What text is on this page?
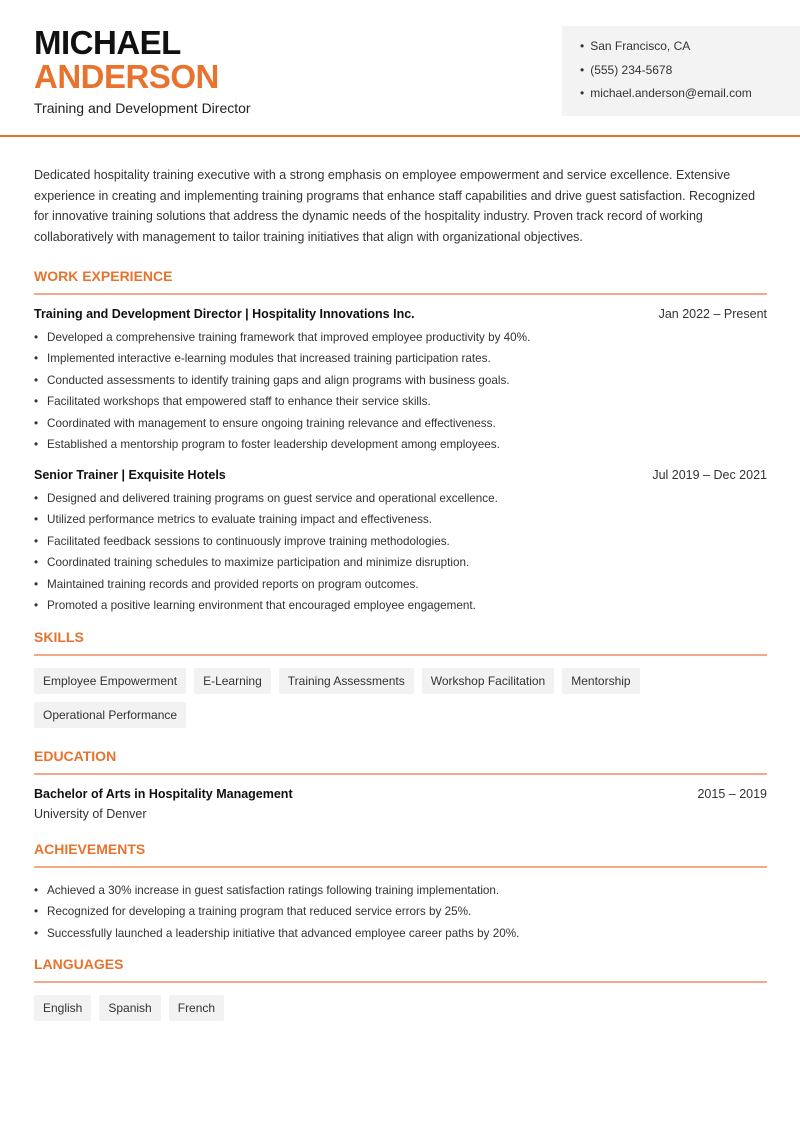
MICHAEL
ANDERSON
Training and Development Director
• San Francisco, CA
• (555) 234-5678
• michael.anderson@email.com

Dedicated hospitality training executive with a strong emphasis on employee empowerment and service excellence. Extensive experience in creating and implementing training programs that enhance staff capabilities and drive guest satisfaction. Recognized for innovative training solutions that address the dynamic needs of the hospitality industry. Proven track record of working collaboratively with management to tailor training initiatives that align with organizational objectives.

WORK EXPERIENCE
Training and Development Director | Hospitality Innovations Inc.	Jan 2022 – Present
• Developed a comprehensive training framework that improved employee productivity by 40%.
• Implemented interactive e-learning modules that increased training participation rates.
• Conducted assessments to identify training gaps and align programs with business goals.
• Facilitated workshops that empowered staff to enhance their service skills.
• Coordinated with management to ensure ongoing training relevance and effectiveness.
• Established a mentorship program to foster leadership development among employees.
Senior Trainer | Exquisite Hotels	Jul 2019 – Dec 2021
• Designed and delivered training programs on guest service and operational excellence.
• Utilized performance metrics to evaluate training impact and effectiveness.
• Facilitated feedback sessions to continuously improve training methodologies.
• Coordinated training schedules to maximize participation and minimize disruption.
• Maintained training records and provided reports on program outcomes.
• Promoted a positive learning environment that encouraged employee engagement.
SKILLS
Employee Empowerment	E-Learning	Training Assessments	Workshop Facilitation	Mentorship
Operational Performance
EDUCATION
Bachelor of Arts in Hospitality Management	2015 – 2019
University of Denver
ACHIEVEMENTS
• Achieved a 30% increase in guest satisfaction ratings following training implementation.
• Recognized for developing a training program that reduced service errors by 25%.
• Successfully launched a leadership initiative that advanced employee career paths by 20%.
LANGUAGES
English	Spanish	French
